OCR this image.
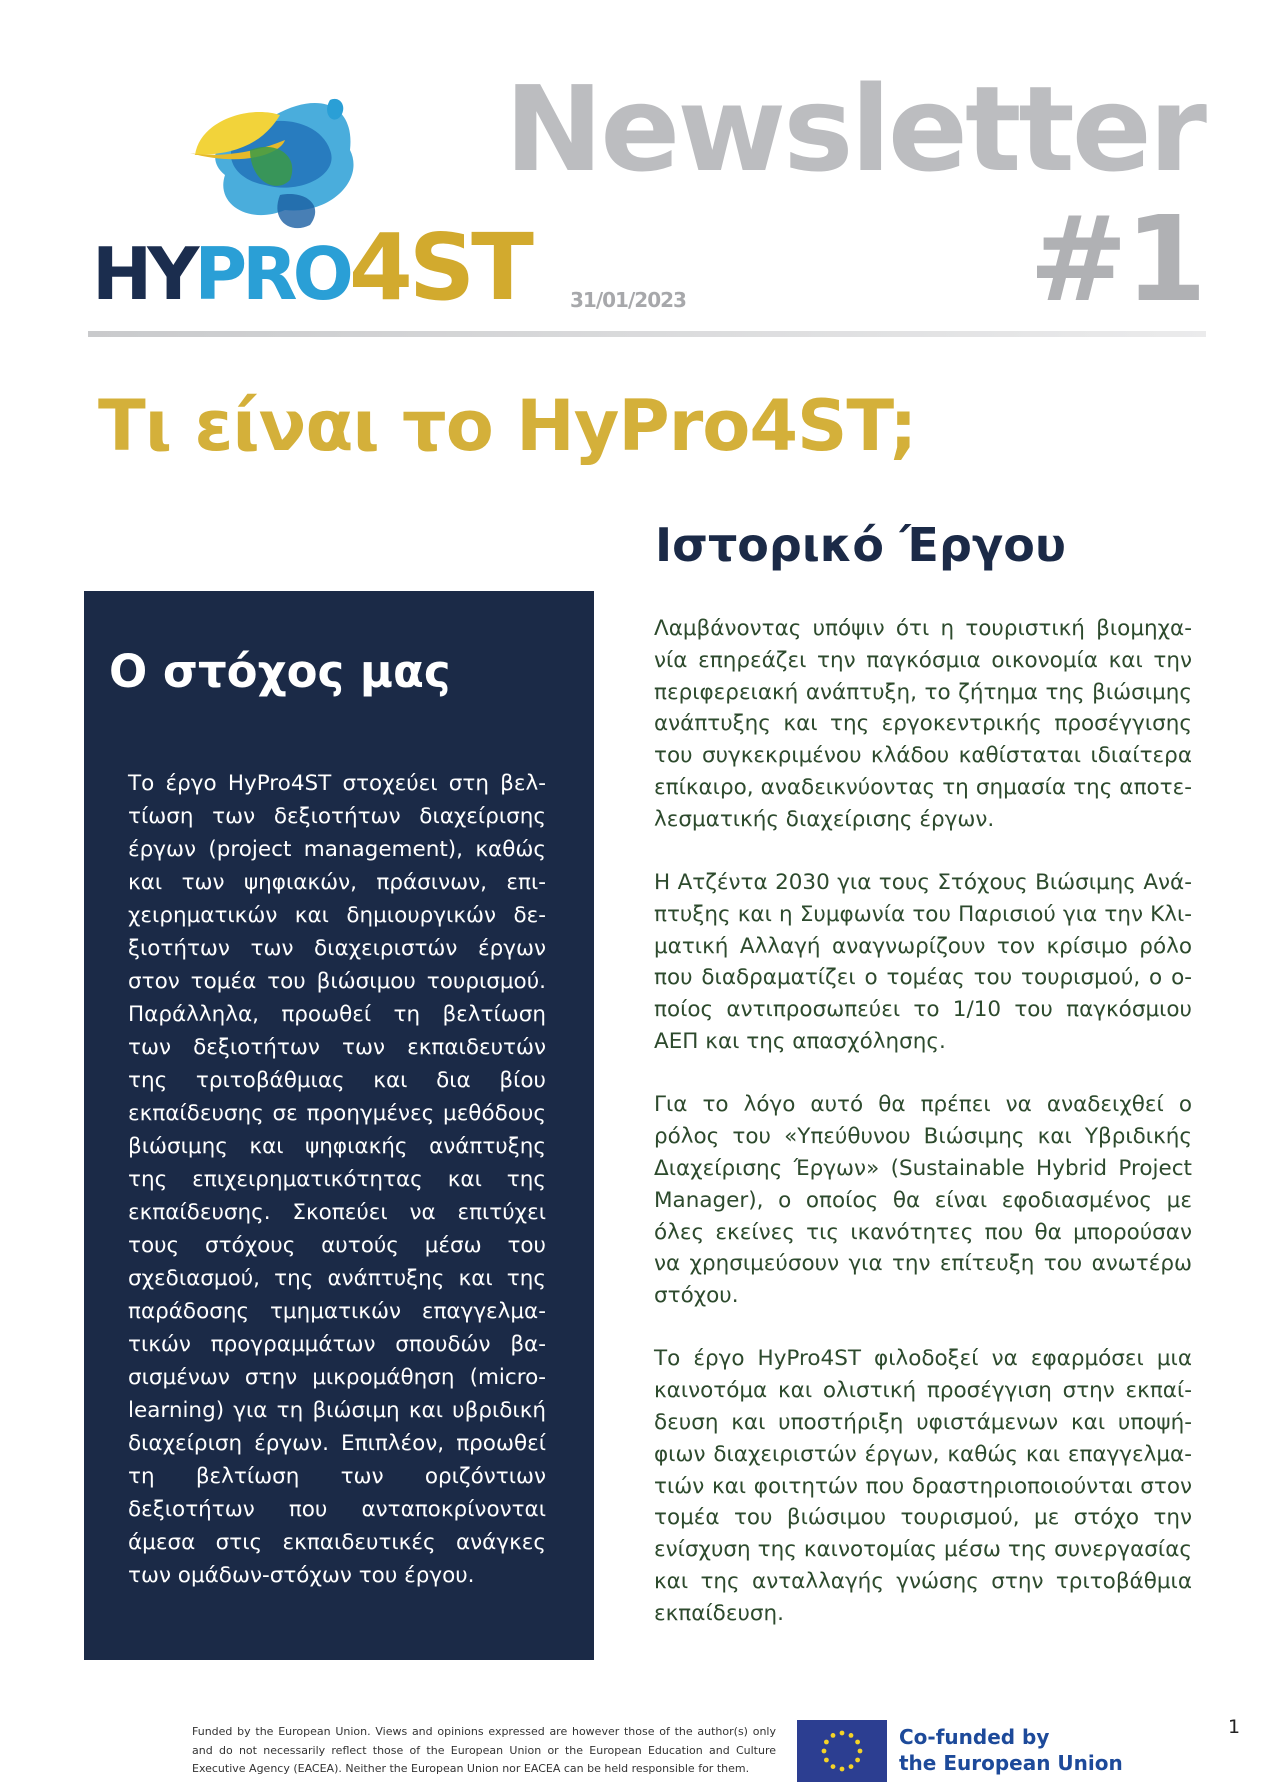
HYPRO4ST
Newsletter
#1
31/01/2023
Τι είναι το HyPro4ST;
Ο στόχος μας

Το έργο HyPro4ST στοχεύει στη βελτίωση των δεξιοτήτων διαχείρισης έργων (project management), καθώς και των ψηφιακών, πράσινων, επιχειρηματικών και δημιουργικών δεξιοτήτων των διαχειριστών έργων στον τομέα του βιώσιμου τουρισμού. Παράλληλα, προωθεί τη βελτίωση των δεξιοτήτων των εκπαιδευτών της τριτοβάθμιας και δια βίου εκπαίδευσης σε προηγμένες μεθόδους βιώσιμης και ψηφιακής ανάπτυξης της επιχειρηματικότητας και της εκπαίδευσης. Σκοπεύει να επιτύχει τους στόχους αυτούς μέσω του σχεδιασμού, της ανάπτυξης και της παράδοσης τμηματικών επαγγελματικών προγραμμάτων σπουδών βασισμένων στην μικρομάθηση (microlearning) για τη βιώσιμη και υβριδική διαχείριση έργων. Επιπλέον, προωθεί τη βελτίωση των οριζόντιων δεξιοτήτων που ανταποκρίνονται άμεσα στις εκπαιδευτικές ανάγκες των ομάδων-στόχων του έργου.

Ιστορικό Έργου

Λαμβάνοντας υπόψιν ότι η τουριστική βιομηχανία επηρεάζει την παγκόσμια οικονομία και την περιφερειακή ανάπτυξη, το ζήτημα της βιώσιμης ανάπτυξης και της εργοκεντρικής προσέγγισης του συγκεκριμένου κλάδου καθίσταται ιδιαίτερα επίκαιρο, αναδεικνύοντας τη σημασία της αποτελεσματικής διαχείρισης έργων.

Η Ατζέντα 2030 για τους Στόχους Βιώσιμης Ανάπτυξης και η Συμφωνία του Παρισιού για την Κλιματική Αλλαγή αναγνωρίζουν τον κρίσιμο ρόλο που διαδραματίζει ο τομέας του τουρισμού, ο οποίος αντιπροσωπεύει το 1/10 του παγκόσμιου ΑΕΠ και της απασχόλησης.

Για το λόγο αυτό θα πρέπει να αναδειχθεί ο ρόλος του «Υπεύθυνου Βιώσιμης και Υβριδικής Διαχείρισης Έργων» (Sustainable Hybrid Project Manager), ο οποίος θα είναι εφοδιασμένος με όλες εκείνες τις ικανότητες που θα μπορούσαν να χρησιμεύσουν για την επίτευξη του ανωτέρω στόχου.

Το έργο HyPro4ST φιλοδοξεί να εφαρμόσει μια καινοτόμα και ολιστική προσέγγιση στην εκπαίδευση και υποστήριξη υφιστάμενων και υποψήφιων διαχειριστών έργων, καθώς και επαγγελματιών και φοιτητών που δραστηριοποιούνται στον τομέα του βιώσιμου τουρισμού, με στόχο την ενίσχυση της καινοτομίας μέσω της συνεργασίας και της ανταλλαγής γνώσης στην τριτοβάθμια εκπαίδευση.

Funded by the European Union. Views and opinions expressed are however those of the author(s) only and do not necessarily reflect those of the European Union or the European Education and Culture Executive Agency (EACEA). Neither the European Union nor EACEA can be held responsible for them.

Co-funded by
the European Union
1
